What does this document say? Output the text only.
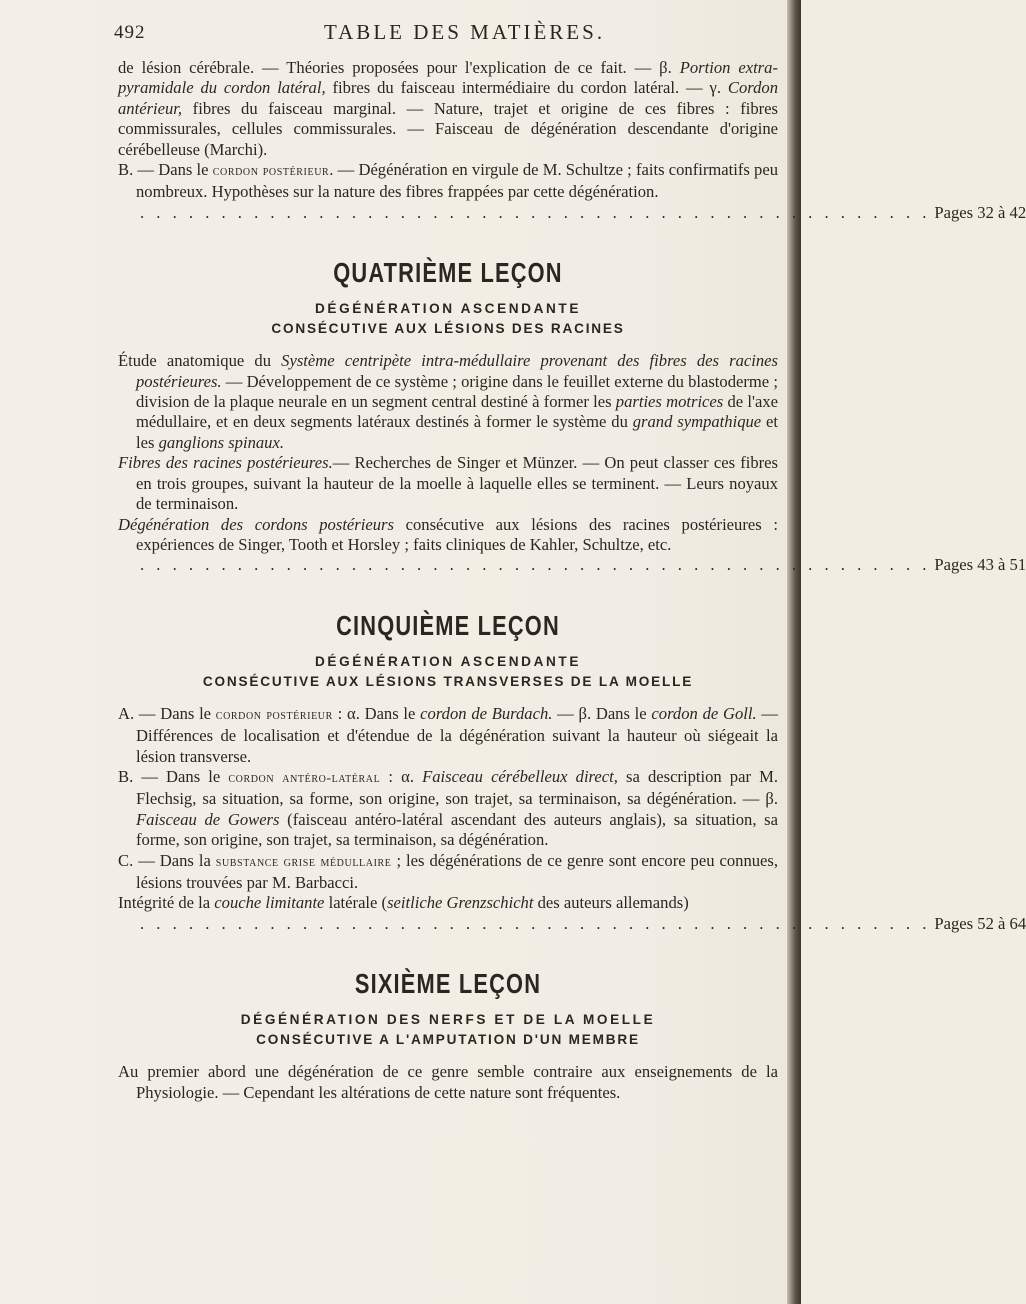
492	TABLE DES MATIÈRES.

de lésion cérébrale. — Théories proposées pour l'explication de ce fait. — β. Portion extra-pyramidale du cordon latéral, fibres du faisceau intermédiaire du cordon latéral. — γ. Cordon antérieur, fibres du faisceau marginal. — Nature, trajet et origine de ces fibres : fibres commissurales, cellules commissurales. — Faisceau de dégénération descendante d'origine cérébelleuse (Marchi).

B. — Dans le cordon postérieur. — Dégénération en virgule de M. Schultze ; faits confirmatifs peu nombreux. Hypothèses sur la nature des fibres frappées par cette dégénération.

. . . . . . . . . . . . . . . . . . . . . . . . . . . . . . . . . . . . . . . . . . . . . . . . . Pages 32 à 42
QUATRIÈME LEÇON
DÉGÉNÉRATION ASCENDANTE
CONSÉCUTIVE AUX LÉSIONS DES RACINES

Étude anatomique du Système centripète intra-médullaire provenant des fibres des racines postérieures. — Développement de ce système ; origine dans le feuillet externe du blastoderme ; division de la plaque neurale en un segment central destiné à former les parties motrices de l'axe médullaire, et en deux segments latéraux destinés à former le système du grand sympathique et les ganglions spinaux.

Fibres des racines postérieures.— Recherches de Singer et Münzer. — On peut classer ces fibres en trois groupes, suivant la hauteur de la moelle à laquelle elles se terminent. — Leurs noyaux de terminaison.

Dégénération des cordons postérieurs consécutive aux lésions des racines postérieures : expériences de Singer, Tooth et Horsley ; faits cliniques de Kahler, Schultze, etc.

. . . . . . . . . . . . . . . . . . . . . . . . . . . . . . . . . . . . . . . . . . . . . . . . . Pages 43 à 51
CINQUIÈME LEÇON
DÉGÉNÉRATION ASCENDANTE
CONSÉCUTIVE AUX LÉSIONS TRANSVERSES DE LA MOELLE

A. — Dans le cordon postérieur : α. Dans le cordon de Burdach. — β. Dans le cordon de Goll. — Différences de localisation et d'étendue de la dégénération suivant la hauteur où siégeait la lésion transverse.

B. — Dans le cordon antéro-latéral : α. Faisceau cérébelleux direct, sa description par M. Flechsig, sa situation, sa forme, son origine, son trajet, sa terminaison, sa dégénération. — β. Faisceau de Gowers (faisceau antéro-latéral ascendant des auteurs anglais), sa situation, sa forme, son origine, son trajet, sa terminaison, sa dégénération.

C. — Dans la substance grise médullaire ; les dégénérations de ce genre sont encore peu connues, lésions trouvées par M. Barbacci.

Intégrité de la couche limitante latérale (seitliche Grenzschicht des auteurs allemands)

. . . . . . . . . . . . . . . . . . . . . . . . . . . . . . . . . . . . . . . . . . . . . . . . . Pages 52 à 64
SIXIÈME LEÇON
DÉGÉNÉRATION DES NERFS ET DE LA MOELLE
CONSÉCUTIVE A L'AMPUTATION D'UN MEMBRE

Au premier abord une dégénération de ce genre semble contraire aux enseignements de la Physiologie. — Cependant les altérations de cette nature sont fréquentes.
